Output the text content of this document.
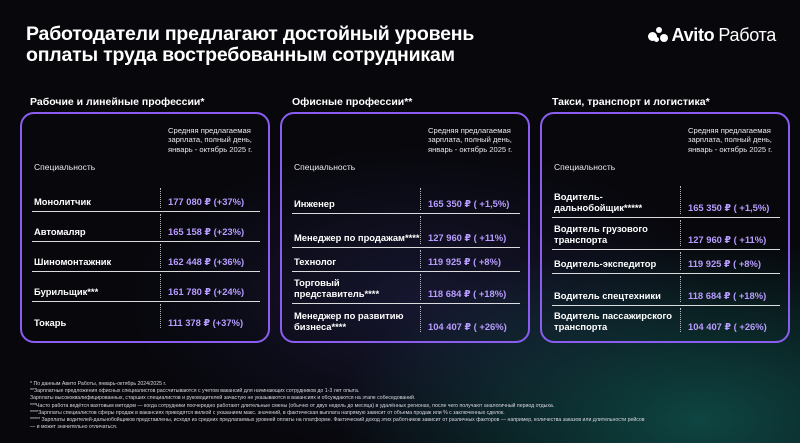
Работодатели предлагают достойный уровень
оплаты труда востребованным сотрудникам
Avito Работа
Рабочие и линейные профессии*
Специальность
Средняя предлагаемая зарплата, полный день, январь - октябрь 2025 г.
Монолитчик	177 080 ₽ (+37%)
Автомаляр	165 158 ₽ (+23%)
Шиномонтажник	162 448 ₽ (+36%)
Бурильщик***	161 780 ₽ (+24%)
Токарь	111 378 ₽ (+37%)
Офисные профессии**
Специальность
Средняя предлагаемая зарплата, полный день, январь - октябрь 2025 г.
Инженер	165 350 ₽ ( +1,5%)
Менеджер по продажам**** 127 960 ₽ ( +11%)
Технолог	119 925 ₽ ( +8%)
Торговый представитель****	118 684 ₽ ( +18%)
Менеджер по развитию бизнеса****	104 407 ₽ ( +26%)
Такси, транспорт и логистика*
Специальность
Средняя предлагаемая зарплата, полный день, январь - октябрь 2025 г.
Водитель-дальнобойщик*****	165 350 ₽ ( +1,5%)
Водитель грузового транспорта	127 960 ₽ ( +11%)
Водитель-экспедитор	119 925 ₽ ( +8%)
Водитель спецтехники	118 684 ₽ ( +18%)
Водитель пассажирского транспорта	104 407 ₽ ( +26%)
* По данным Авито Работы, январь-октябрь 2024/2025 г.
**Зарплатные предложения офисных специалистов рассчитываются с учетом вакансий для начинающих сотрудников до 1-3 лет опыта.
Зарплаты высококвалифицированных, старших специалистов и руководителей зачастую не указываются в вакансиях и обсуждаются на этапе собеседований.
***Часто работа ведётся вахтовым методом — когда сотрудники поочередно работают длительные смены (обычно от двух недель до месяца) в удалённых регионах, после чего получают аналогичный период отдыха.
****Зарплаты специалистов сферы продаж в вакансиях приводятся вилкой с указанием макс. значений, в фактическая выплата напрямую зависит от объема продаж или % с заключенных сделок.
***** Зарплаты водителей-дальнобойщиков представлены, исходя из средних предлагаемых уровней оплаты на платформе. Фактический доход этих работников зависит от различных факторов — например, количества заказов или длительности рейсов
— и может значительно отличаться.
